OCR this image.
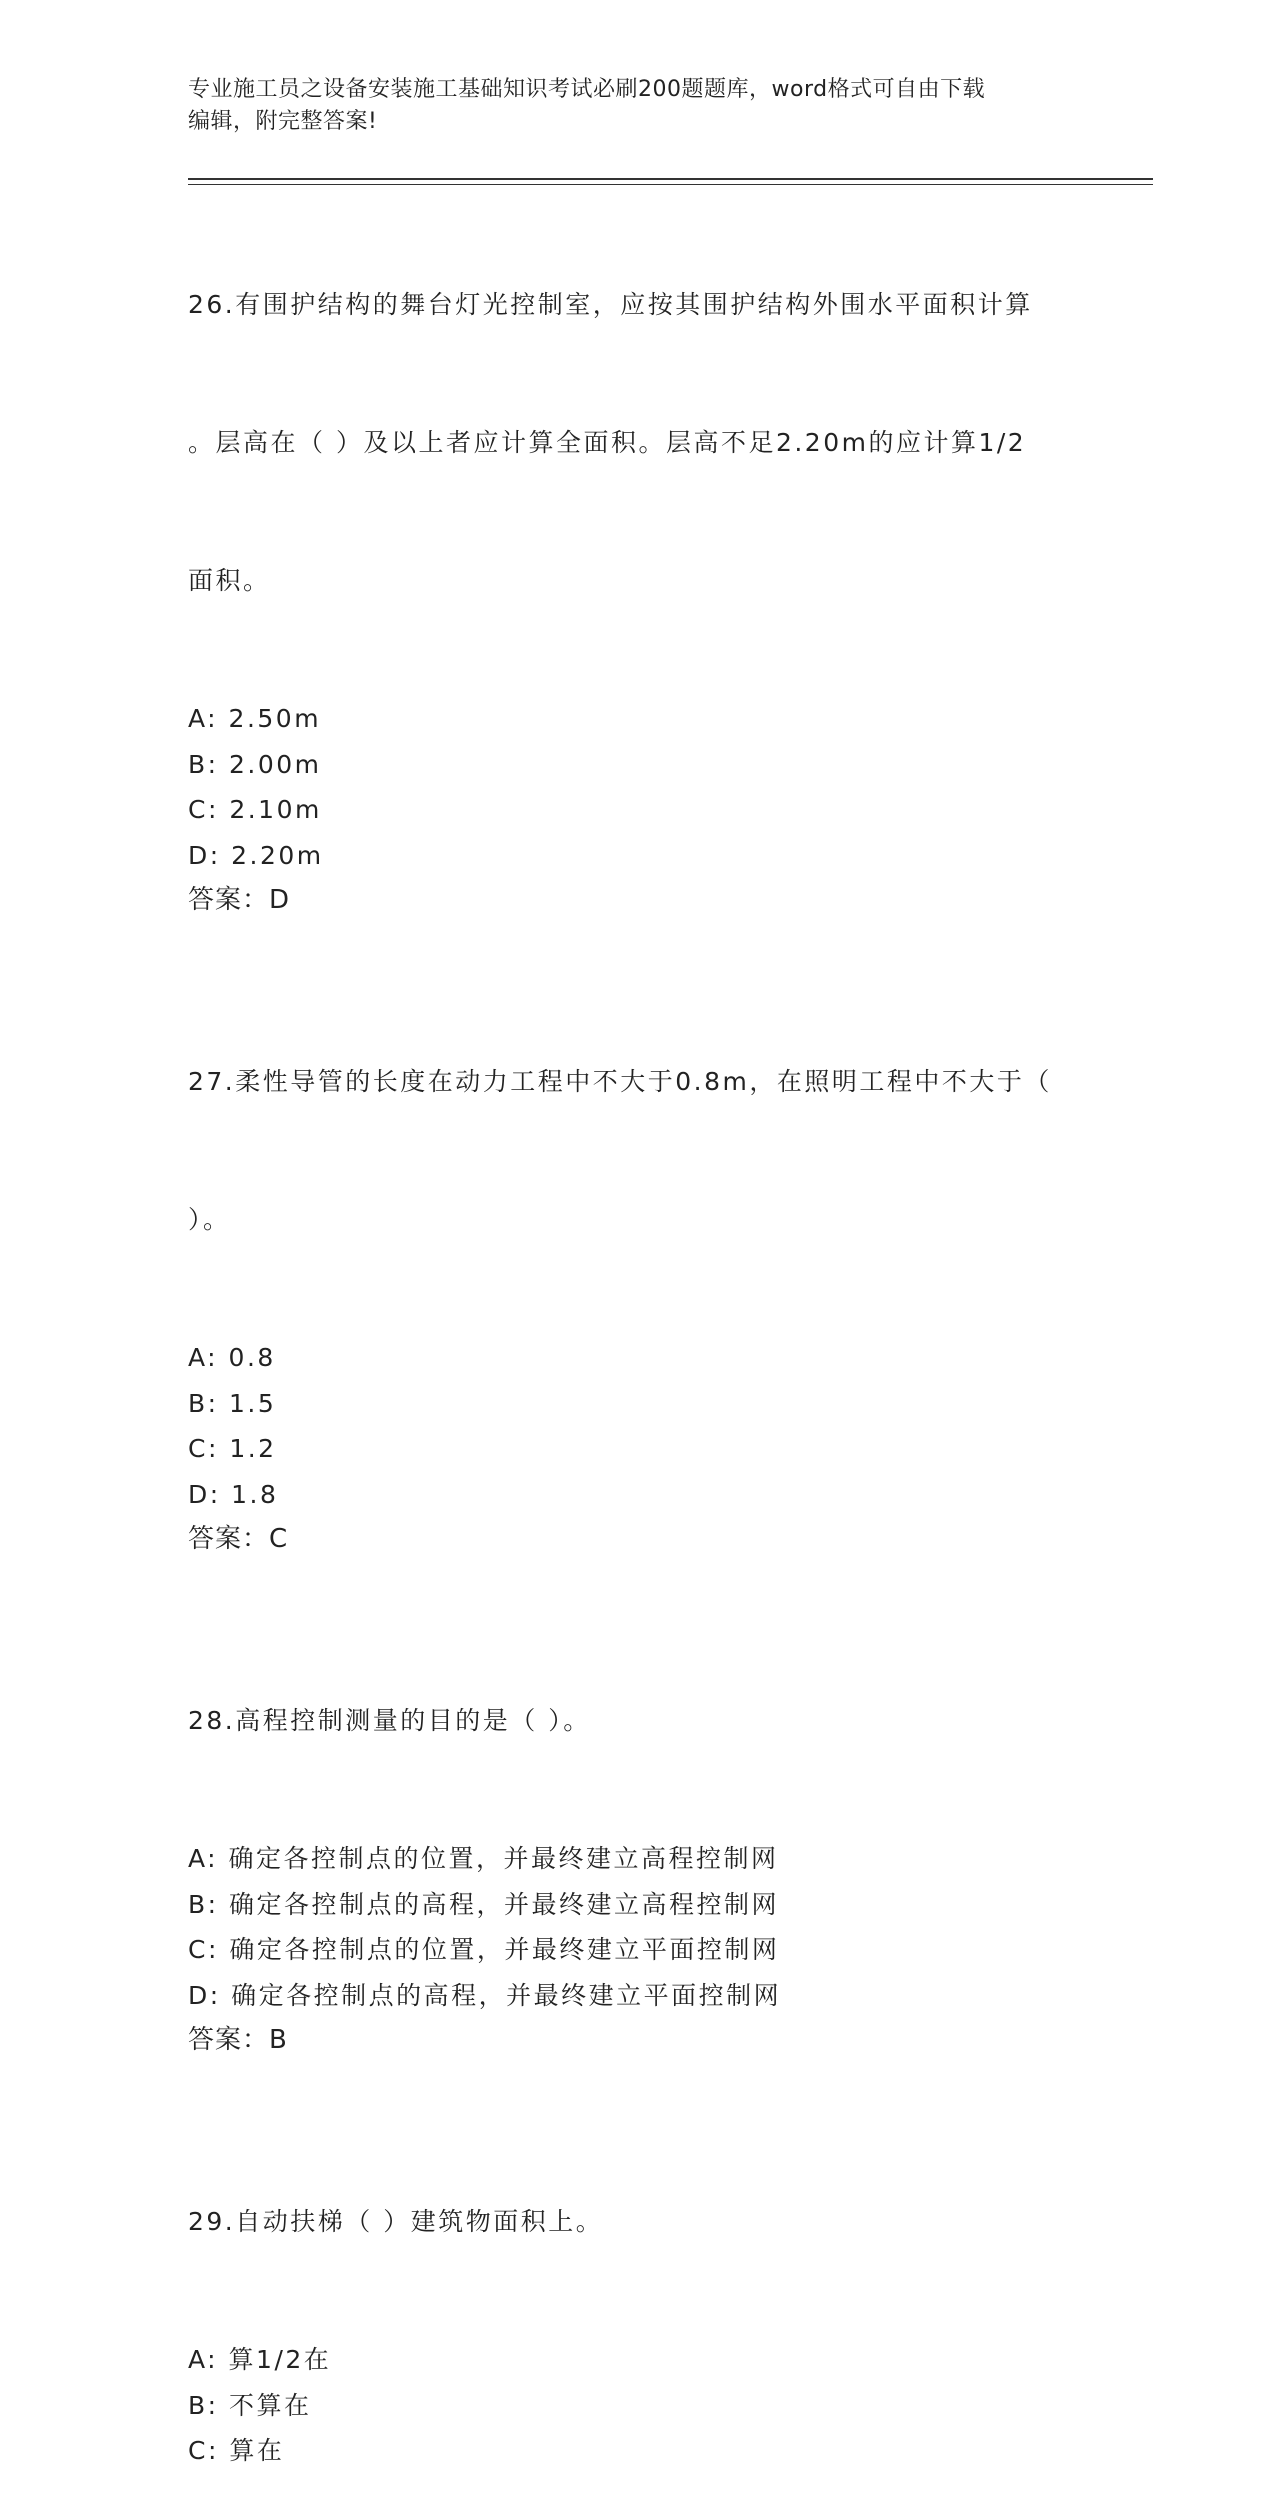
专业施工员之设备安装施工基础知识考试必刷200题题库，word格式可自由下载
编辑，附完整答案!

26.有围护结构的舞台灯光控制室，应按其围护结构外围水平面积计算

。层高在（ ）及以上者应计算全面积。层高不足2.20m的应计算1/2

面积。

A: 2.50m
B: 2.00m
C: 2.10m
D: 2.20m
答案：D

27.柔性导管的长度在动力工程中不大于0.8m，在照明工程中不大于（

）。

A: 0.8
B: 1.5
C: 1.2
D: 1.8
答案：C

28.高程控制测量的目的是（ ）。

A: 确定各控制点的位置，并最终建立高程控制网
B: 确定各控制点的高程，并最终建立高程控制网
C: 确定各控制点的位置，并最终建立平面控制网
D: 确定各控制点的高程，并最终建立平面控制网
答案：B

29.自动扶梯（ ）建筑物面积上。

A: 算1/2在
B: 不算在
C: 算在
